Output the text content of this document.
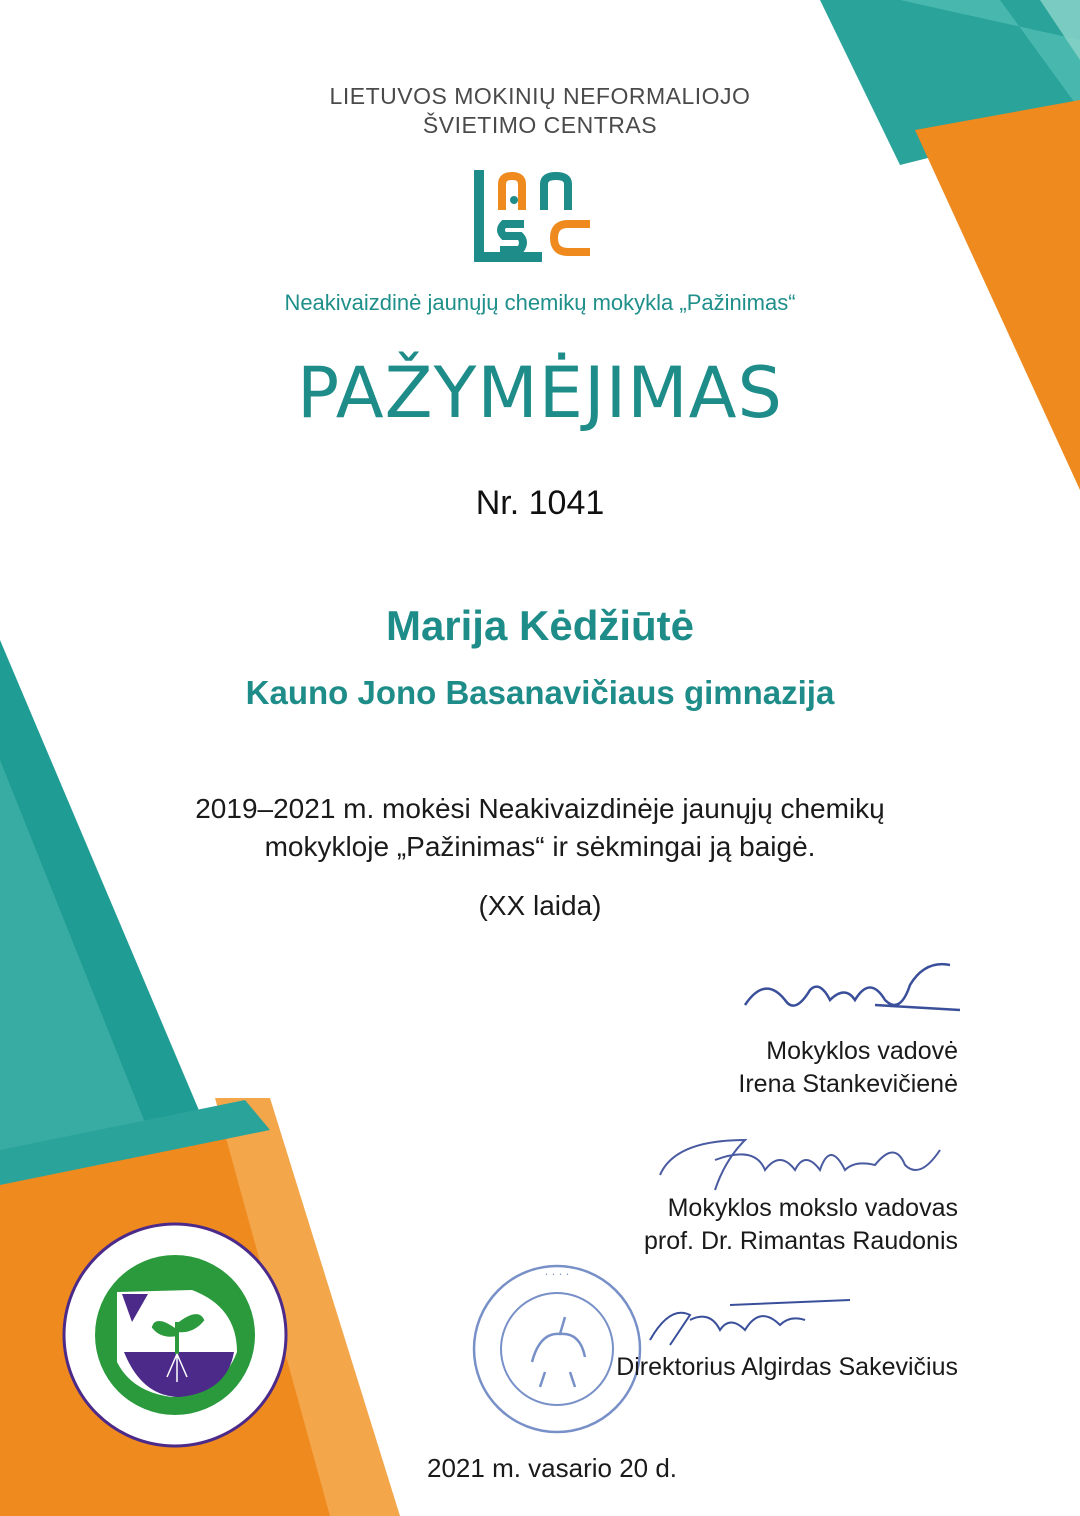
LIETUVOS MOKINIŲ NEFORMALIOJO
ŠVIETIMO CENTRAS
Neakivaizdinė jaunųjų chemikų mokykla „Pažinimas“
PAŽYMĖJIMAS
Nr. 1041
Marija Kėdžiūtė
Kauno Jono Basanavičiaus gimnazija
2019–2021 m. mokėsi Neakivaizdinėje jaunųjų chemikų
mokykloje „Pažinimas“ ir sėkmingai ją baigė.
(XX laida)
· · · ·
Mokyklos vadovė
Irena Stankevičienė
Mokyklos mokslo vadovas
prof. Dr. Rimantas Raudonis
Direktorius Algirdas Sakevičius
2021 m. vasario 20 d.
